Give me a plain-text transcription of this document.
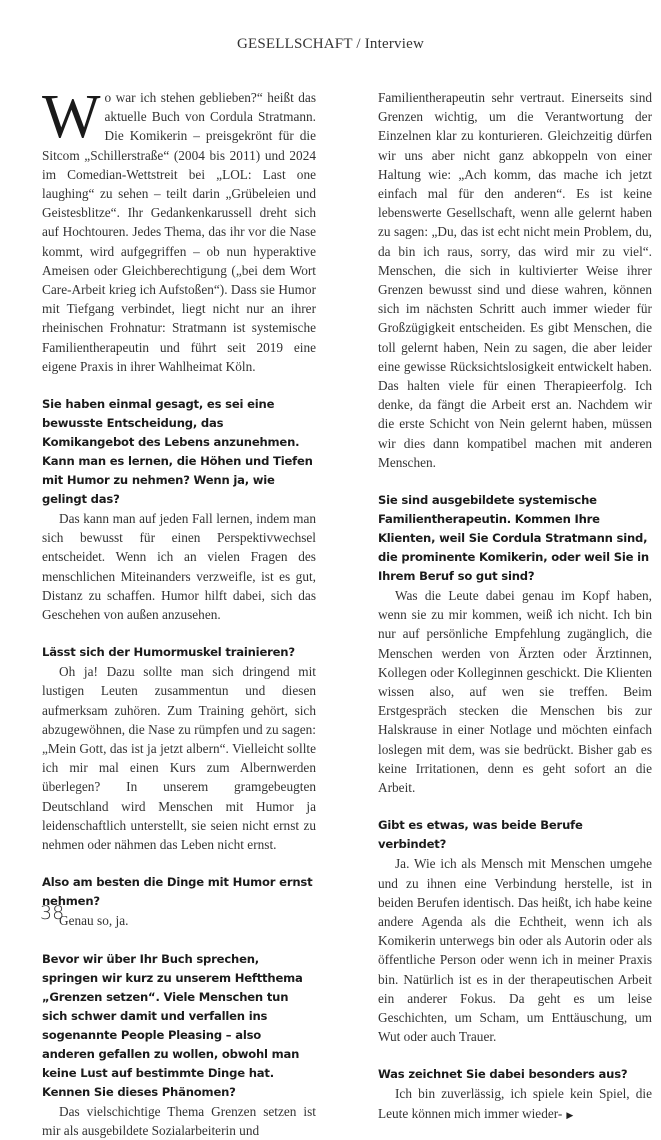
GESELLSCHAFT / Interview

Wo war ich stehen geblieben?“ heißt das aktuelle Buch von Cordula Stratmann. Die Komikerin – preisgekrönt für die Sitcom „Schillerstraße“ (2004 bis 2011) und 2024 im Comedian-Wettstreit bei „LOL: Last one laughing“ zu sehen – teilt darin „Grübeleien und Geistesblitze“. Ihr Gedankenkarussell dreht sich auf Hochtouren. Jedes Thema, das ihr vor die Nase kommt, wird aufgegriffen – ob nun hyperaktive Ameisen oder Gleichberechtigung („bei dem Wort Care-Arbeit krieg ich Aufstoßen“). Dass sie Humor mit Tiefgang verbindet, liegt nicht nur an ihrer rheinischen Frohnatur: Stratmann ist systemische Familientherapeutin und führt seit 2019 eine eigene Praxis in ihrer Wahlheimat Köln.

Sie haben einmal gesagt, es sei eine bewusste Entscheidung, das Komikangebot des Lebens anzunehmen. Kann man es lernen, die Höhen und Tiefen mit Humor zu nehmen? Wenn ja, wie gelingt das?

Das kann man auf jeden Fall lernen, indem man sich bewusst für einen Perspektivwechsel entscheidet. Wenn ich an vielen Fragen des menschlichen Miteinanders verzweifle, ist es gut, Distanz zu schaffen. Humor hilft dabei, sich das Geschehen von außen anzusehen.

Lässt sich der Humormuskel trainieren?

Oh ja! Dazu sollte man sich dringend mit lustigen Leuten zusammentun und diesen aufmerksam zuhören. Zum Training gehört, sich abzugewöhnen, die Nase zu rümpfen und zu sagen: „Mein Gott, das ist ja jetzt albern“. Vielleicht sollte ich mir mal einen Kurs zum Albernwerden überlegen? In unserem gramgebeugten Deutschland wird Menschen mit Humor ja leidenschaftlich unterstellt, sie seien nicht ernst zu nehmen oder nähmen das Leben nicht ernst.

Also am besten die Dinge mit Humor ernst nehmen?

Genau so, ja.

Bevor wir über Ihr Buch sprechen, springen wir kurz zu unserem Heftthema „Grenzen setzen“. Viele Menschen tun sich schwer damit und verfallen ins sogenannte People Pleasing – also anderen gefallen zu wollen, obwohl man keine Lust auf bestimmte Dinge hat. Kennen Sie dieses Phänomen?

Das vielschichtige Thema Grenzen setzen ist mir als ausgebildete Sozialarbeiterin und

Familientherapeutin sehr vertraut. Einerseits sind Grenzen wichtig, um die Verantwortung der Einzelnen klar zu konturieren. Gleichzeitig dürfen wir uns aber nicht ganz abkoppeln von einer Haltung wie: „Ach komm, das mache ich jetzt einfach mal für den anderen“. Es ist keine lebenswerte Gesellschaft, wenn alle gelernt haben zu sagen: „Du, das ist echt nicht mein Problem, du, da bin ich raus, sorry, das wird mir zu viel“. Menschen, die sich in kultivierter Weise ihrer Grenzen bewusst sind und diese wahren, können sich im nächsten Schritt auch immer wieder für Großzügigkeit entscheiden. Es gibt Menschen, die toll gelernt haben, Nein zu sagen, die aber leider eine gewisse Rücksichtslosigkeit entwickelt haben. Das halten viele für einen Therapieerfolg. Ich denke, da fängt die Arbeit erst an. Nachdem wir die erste Schicht von Nein gelernt haben, müssen wir dies dann kompatibel machen mit anderen Menschen.

Sie sind ausgebildete systemische Familientherapeutin. Kommen Ihre Klienten, weil Sie Cordula Stratmann sind, die prominente Komikerin, oder weil Sie in Ihrem Beruf so gut sind?

Was die Leute dabei genau im Kopf haben, wenn sie zu mir kommen, weiß ich nicht. Ich bin nur auf persönliche Empfehlung zugänglich, die Menschen werden von Ärzten oder Ärztinnen, Kollegen oder Kolleginnen geschickt. Die Klienten wissen also, auf wen sie treffen. Beim Erstgespräch stecken die Menschen bis zur Halskrause in einer Notlage und möchten einfach loslegen mit dem, was sie bedrückt. Bisher gab es keine Irritationen, denn es geht sofort an die Arbeit.

Gibt es etwas, was beide Berufe verbindet?

Ja. Wie ich als Mensch mit Menschen umgehe und zu ihnen eine Verbindung herstelle, ist in beiden Berufen identisch. Das heißt, ich habe keine andere Agenda als die Echtheit, wenn ich als Komikerin unterwegs bin oder als Autorin oder als öffentliche Person oder wenn ich in meiner Praxis bin. Natürlich ist es in der therapeutischen Arbeit ein anderer Fokus. Da geht es um leise Geschichten, um Scham, um Enttäuschung, um Wut oder auch Trauer.

Was zeichnet Sie dabei besonders aus?

Ich bin zuverlässig, ich spiele kein Spiel, die Leute können mich immer wieder- ▶

38
